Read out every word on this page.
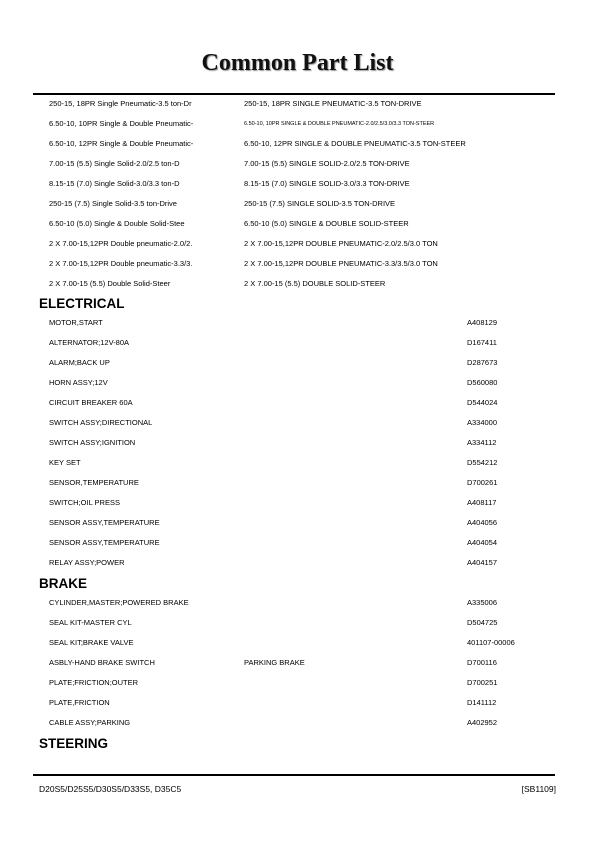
Common Part List
250-15, 18PR Single Pneumatic-3.5 ton-Dr	250-15, 18PR SINGLE PNEUMATIC-3.5 TON-DRIVE
6.50-10, 10PR Single & Double Pneumatic-	6.50-10, 10PR SINGLE & DOUBLE PNEUMATIC-2.0/2.5/3.0/3.3 TON-STEER
6.50-10, 12PR Single & Double Pneumatic-	6.50-10, 12PR SINGLE & DOUBLE PNEUMATIC-3.5 TON-STEER
7.00-15 (5.5) Single Solid-2.0/2.5 ton-D	7.00-15 (5.5) SINGLE SOLID-2.0/2.5 TON-DRIVE
8.15-15 (7.0) Single Solid-3.0/3.3 ton-D	8.15-15 (7.0) SINGLE SOLID-3.0/3.3 TON-DRIVE
250-15 (7.5) Single Solid-3.5 ton-Drive	250-15 (7.5) SINGLE SOLID-3.5 TON-DRIVE
6.50-10 (5.0) Single & Double Solid-Stee	6.50-10 (5.0) SINGLE & DOUBLE SOLID-STEER
2 X 7.00-15,12PR Double pneumatic-2.0/2.	2 X 7.00-15,12PR DOUBLE PNEUMATIC-2.0/2.5/3.0 TON
2 X 7.00-15,12PR Double pneumatic-3.3/3.	2 X 7.00-15,12PR DOUBLE PNEUMATIC-3.3/3.5/3.0 TON
2 X 7.00-15 (5.5) Double Solid-Steer	2 X 7.00-15 (5.5) DOUBLE SOLID-STEER
ELECTRICAL
MOTOR,START	A408129
ALTERNATOR;12V-80A	D167411
ALARM;BACK UP	D287673
HORN ASSY;12V	D560080
CIRCUIT BREAKER 60A	D544024
SWITCH ASSY;DIRECTIONAL	A334000
SWITCH ASSY;IGNITION	A334112
KEY SET	D554212
SENSOR,TEMPERATURE	D700261
SWITCH;OIL PRESS	A408117
SENSOR ASSY,TEMPERATURE	A404056
SENSOR ASSY,TEMPERATURE	A404054
RELAY ASSY;POWER	A404157
BRAKE
CYLINDER,MASTER;POWERED BRAKE	A335006
SEAL KIT-MASTER CYL	D504725
SEAL KIT;BRAKE VALVE	401107-00006
ASBLY-HAND BRAKE SWITCH	PARKING BRAKE	D700116
PLATE;FRICTION;OUTER	D700251
PLATE,FRICTION	D141112
CABLE ASSY;PARKING	A402952
STEERING
D20S5/D25S5/D30S5/D33S5, D35C5	[SB1109]
